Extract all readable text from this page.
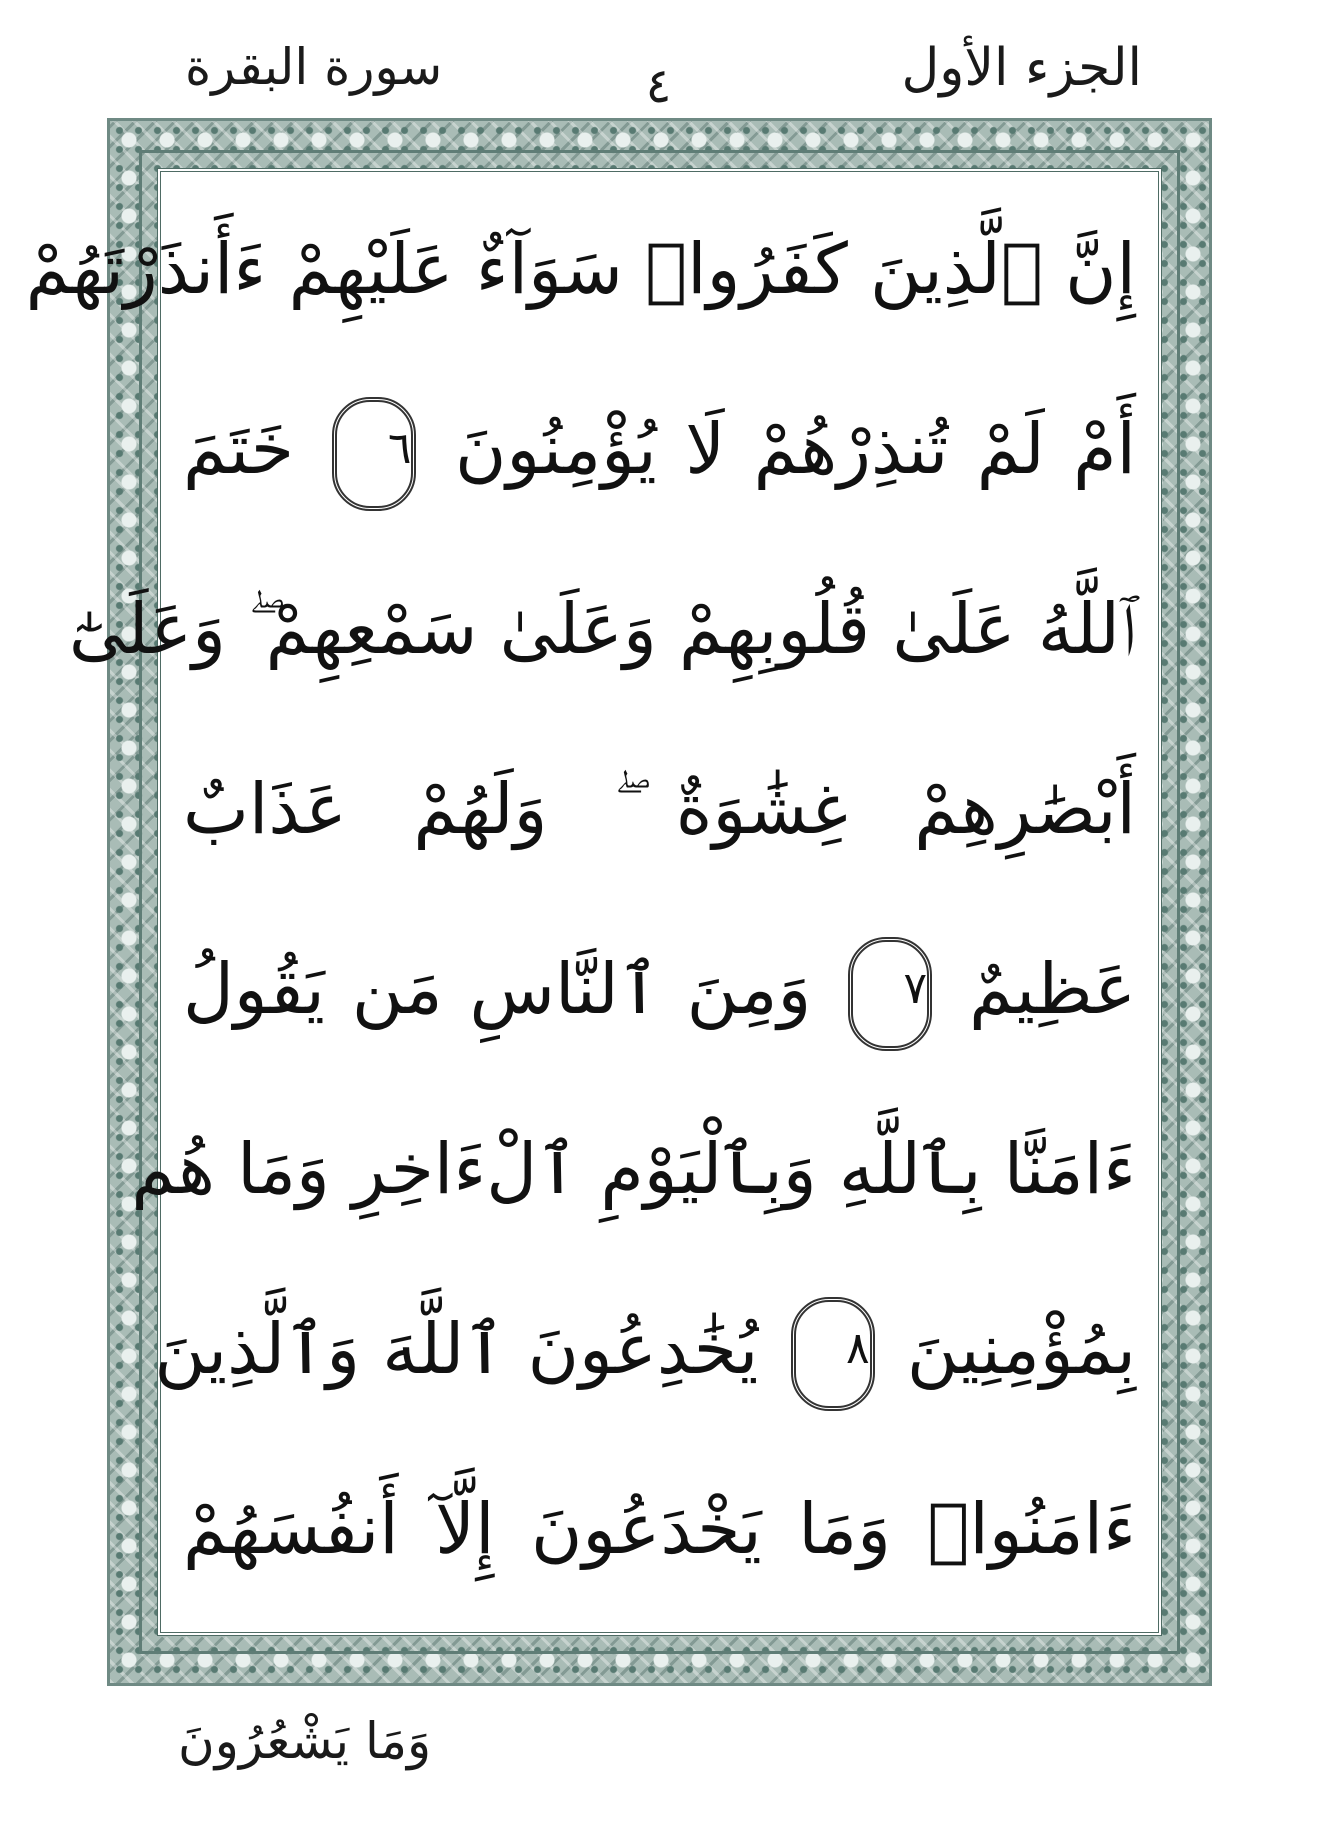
الجزء الأول
٤
سورة البقرة
إِنَّ ٱلَّذِينَ كَفَرُوا۟ سَوَآءٌ عَلَيْهِمْ ءَأَنذَرْتَهُمْ
أَمْ لَمْ تُنذِرْهُمْ لَا يُؤْمِنُونَ ٦ خَتَمَ
ٱللَّهُ عَلَىٰ قُلُوبِهِمْ وَعَلَىٰ سَمْعِهِمْ ۖ وَعَلَىٰٓ
أَبْصَٰرِهِمْ غِشَٰوَةٌ ۖ وَلَهُمْ عَذَابٌ
عَظِيمٌ ٧ وَمِنَ ٱلنَّاسِ مَن يَقُولُ
ءَامَنَّا بِٱللَّهِ وَبِٱلْيَوْمِ ٱلْءَاخِرِ وَمَا هُم
بِمُؤْمِنِينَ ٨ يُخَٰدِعُونَ ٱللَّهَ وَٱلَّذِينَ
ءَامَنُوا۟ وَمَا يَخْدَعُونَ إِلَّآ أَنفُسَهُمْ
وَمَا يَشْعُرُونَ
